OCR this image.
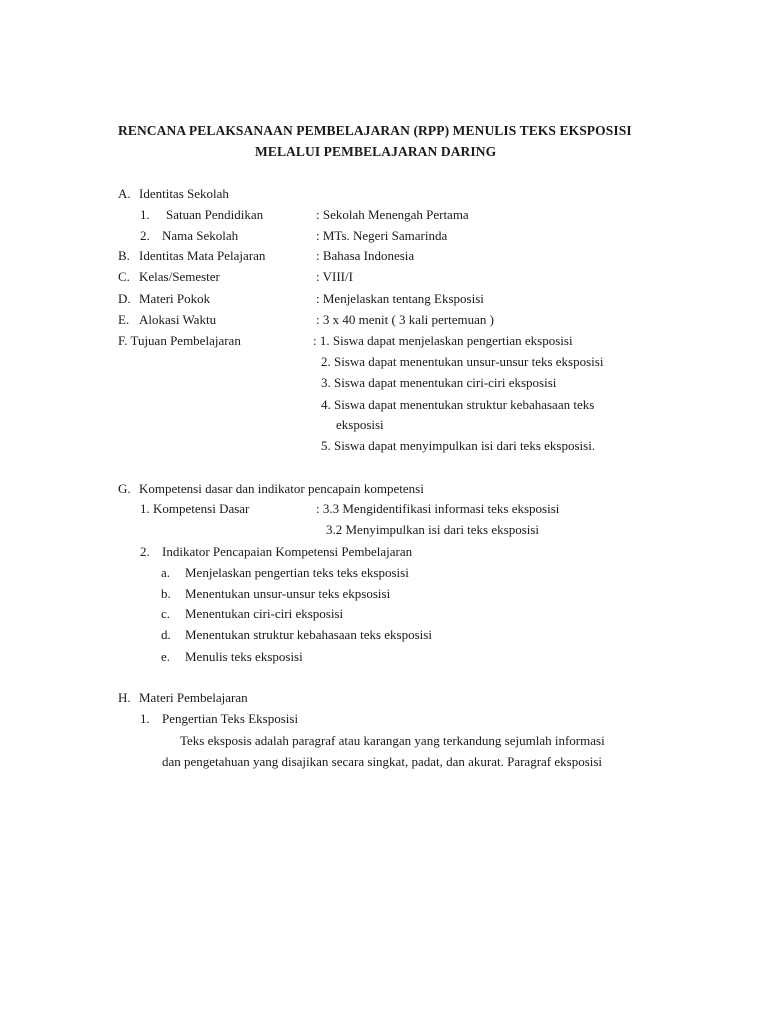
RENCANA PELAKSANAAN PEMBELAJARAN (RPP) MENULIS TEKS EKSPOSISI
MELALUI PEMBELAJARAN DARING
A. Identitas Sekolah
1. Satuan Pendidikan	: Sekolah Menengah Pertama
2. Nama Sekolah	: MTs. Negeri Samarinda
B. Identitas Mata Pelajaran	: Bahasa Indonesia
C. Kelas/Semester	: VIII/I
D. Materi Pokok	: Menjelaskan tentang Eksposisi
E. Alokasi Waktu	: 3 x 40 menit ( 3 kali pertemuan )
F. Tujuan Pembelajaran	: 1. Siswa dapat menjelaskan pengertian eksposisi
2. Siswa dapat menentukan unsur-unsur teks eksposisi
3. Siswa dapat menentukan ciri-ciri eksposisi
4. Siswa dapat menentukan struktur kebahasaan teks
eksposisi
5. Siswa dapat menyimpulkan isi dari teks eksposisi.
G. Kompetensi dasar dan indikator pencapain kompetensi
1. Kompetensi Dasar	: 3.3 Mengidentifikasi informasi teks eksposisi
3.2 Menyimpulkan isi dari teks eksposisi
2. Indikator Pencapaian Kompetensi Pembelajaran
a. Menjelaskan pengertian teks teks eksposisi
b. Menentukan unsur-unsur teks ekpsosisi
c. Menentukan ciri-ciri eksposisi
d. Menentukan struktur kebahasaan teks eksposisi
e. Menulis teks eksposisi
H. Materi Pembelajaran
1. Pengertian Teks Eksposisi
Teks eksposis adalah paragraf atau karangan yang terkandung sejumlah informasi
dan pengetahuan yang disajikan secara singkat, padat, dan akurat. Paragraf eksposisi
